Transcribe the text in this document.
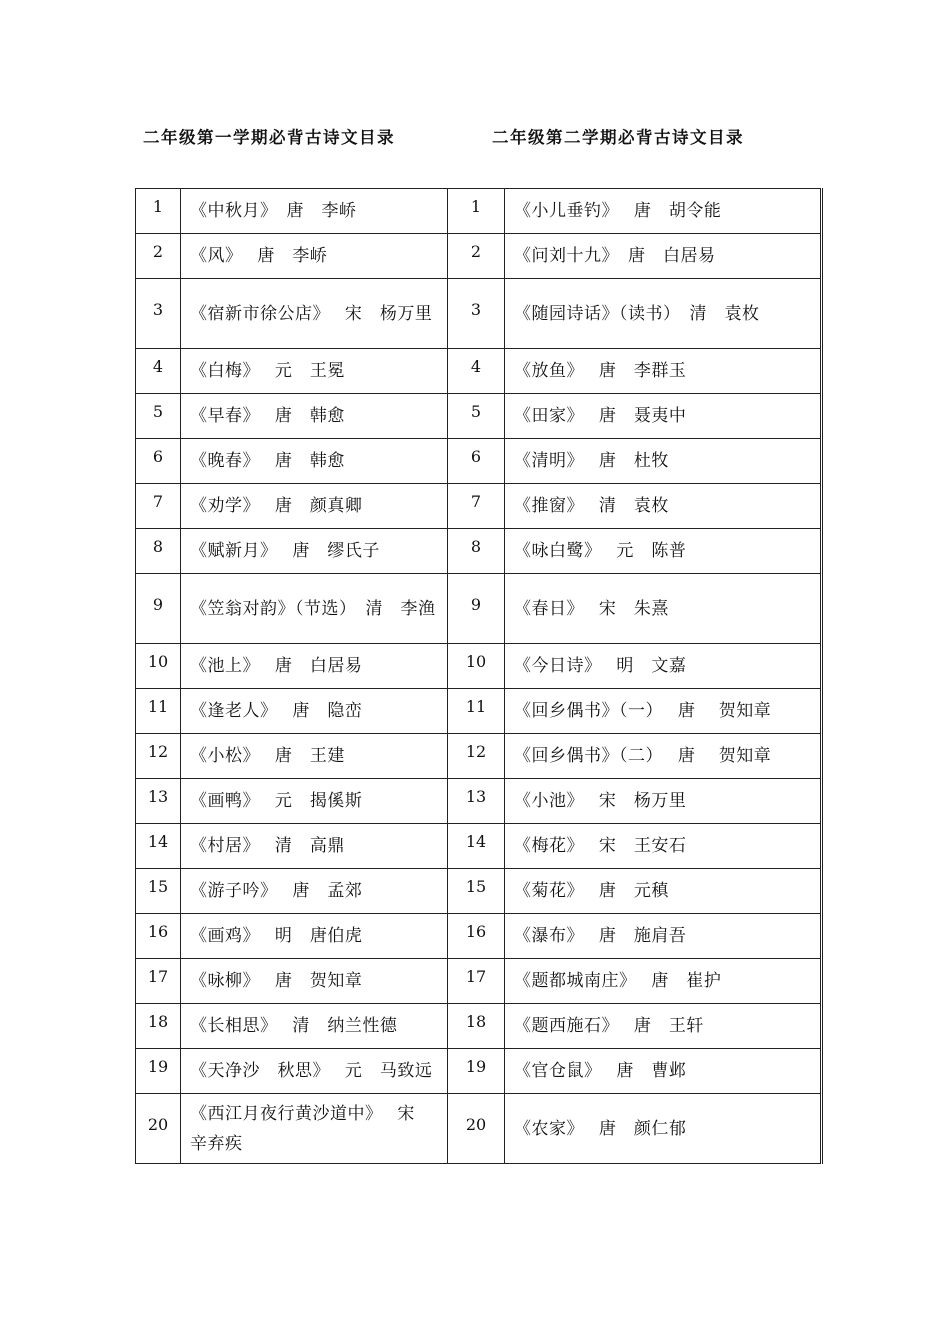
二年级第一学期必背古诗文目录	二年级第二学期必背古诗文目录
1	《中秋月》　唐　李峤	1	《小儿垂钓》　 唐　胡令能
2	《风》　 唐　李峤	2	《问刘十九》　唐　白居易
3	《宿新市徐公店》　 宋　杨万里	3	《随园诗话》（读书）　清　袁枚
4	《白梅》　 元　王冕	4	《放鱼》　 唐　李群玉
5	《早春》　 唐　韩愈	5	《田家》　 唐　聂夷中
6	《晚春》　 唐　韩愈	6	《清明》　 唐　杜牧
7	《劝学》　 唐　颜真卿	7	《推窗》　 清　袁枚
8	《赋新月》　 唐　缪氏子	8	《咏白鹭》　 元　陈普
9	《笠翁对韵》（节选）　清　李渔	9	《春日》　 宋　朱熹
10	《池上》　 唐　白居易	10	《今日诗》　 明　文嘉
11	《逢老人》　 唐　隐峦	11	《回乡偶书》（一）　 唐　 贺知章
12	《小松》　 唐　王建	12	《回乡偶书》（二）　 唐　 贺知章
13	《画鸭》　 元　揭傒斯	13	《小池》　 宋　杨万里
14	《村居》　 清　高鼎	14	《梅花》　 宋　王安石
15	《游子吟》　 唐　孟郊	15	《菊花》　 唐　元稹
16	《画鸡》　 明　唐伯虎	16	《瀑布》　 唐　施肩吾
17	《咏柳》　 唐　贺知章	17	《题都城南庄》　 唐　崔护
18	《长相思》　 清　纳兰性德	18	《题西施石》　 唐　王轩
19	《天净沙　秋思》　 元　马致远	19	《官仓鼠》　 唐　曹邺
20	《西江月夜行黄沙道中》　 宋　辛弃疾	20	《农家》　 唐　颜仁郁
